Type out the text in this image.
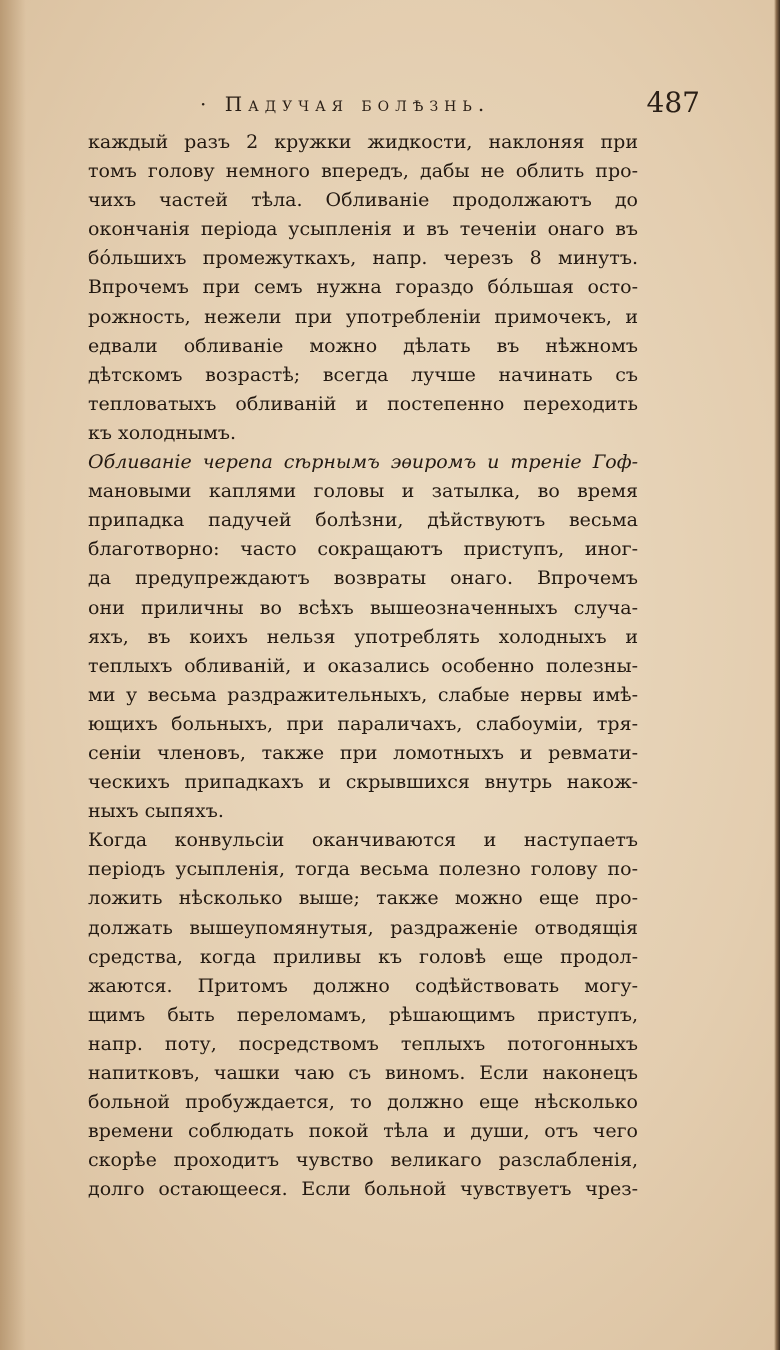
· Падучая болѣзнь.	487
каждый разъ 2 кружки жидкости, наклоняя при
томъ голову немного впередъ, дабы не облить про-
чихъ частей тѣла. Обливаніе продолжаютъ до
окончанія періода усыпленія и въ теченіи онаго въ
бо́льшихъ промежуткахъ, напр. черезъ 8 минутъ.
Впрочемъ при семъ нужна гораздо бо́льшая осто-
рожность, нежели при употребленіи примочекъ, и
едвали обливаніе можно дѣлать въ нѣжномъ
дѣтскомъ возрастѣ; всегда лучше начинать съ
тепловатыхъ обливаній и постепенно переходить
къ холоднымъ.
Обливаніе черепа сѣрнымъ эѳиромъ и треніе Гоф-
мановыми каплями головы и затылка, во время
припадка падучей болѣзни, дѣйствуютъ весьма
благотворно: часто сокращаютъ приступъ, иног-
да предупреждаютъ возвраты онаго. Впрочемъ
они приличны во всѣхъ вышеозначенныхъ случа-
яхъ, въ коихъ нельзя употреблять холодныхъ и
теплыхъ обливаній, и оказались особенно полезны-
ми у весьма раздражительныхъ, слабые нервы имѣ-
ющихъ больныхъ, при параличахъ, слабоуміи, тря-
сеніи членовъ, также при ломотныхъ и ревмати-
ческихъ припадкахъ и скрывшихся внутрь накож-
ныхъ сыпяхъ.
Когда конвульсіи оканчиваются и наступаетъ
періодъ усыпленія, тогда весьма полезно голову по-
ложить нѣсколько выше; также можно еще про-
должать вышеупомянутыя, раздраженіе отводящія
средства, когда приливы къ головѣ еще продол-
жаются. Притомъ должно содѣйствовать могу-
щимъ быть переломамъ, рѣшающимъ приступъ,
напр. поту, посредствомъ теплыхъ потогонныхъ
напитковъ, чашки чаю съ виномъ. Если наконецъ
больной пробуждается, то должно еще нѣсколько
времени соблюдать покой тѣла и души, отъ чего
скорѣе проходитъ чувство великаго разслабленія,
долго остающееся. Если больной чувствуетъ чрез-
